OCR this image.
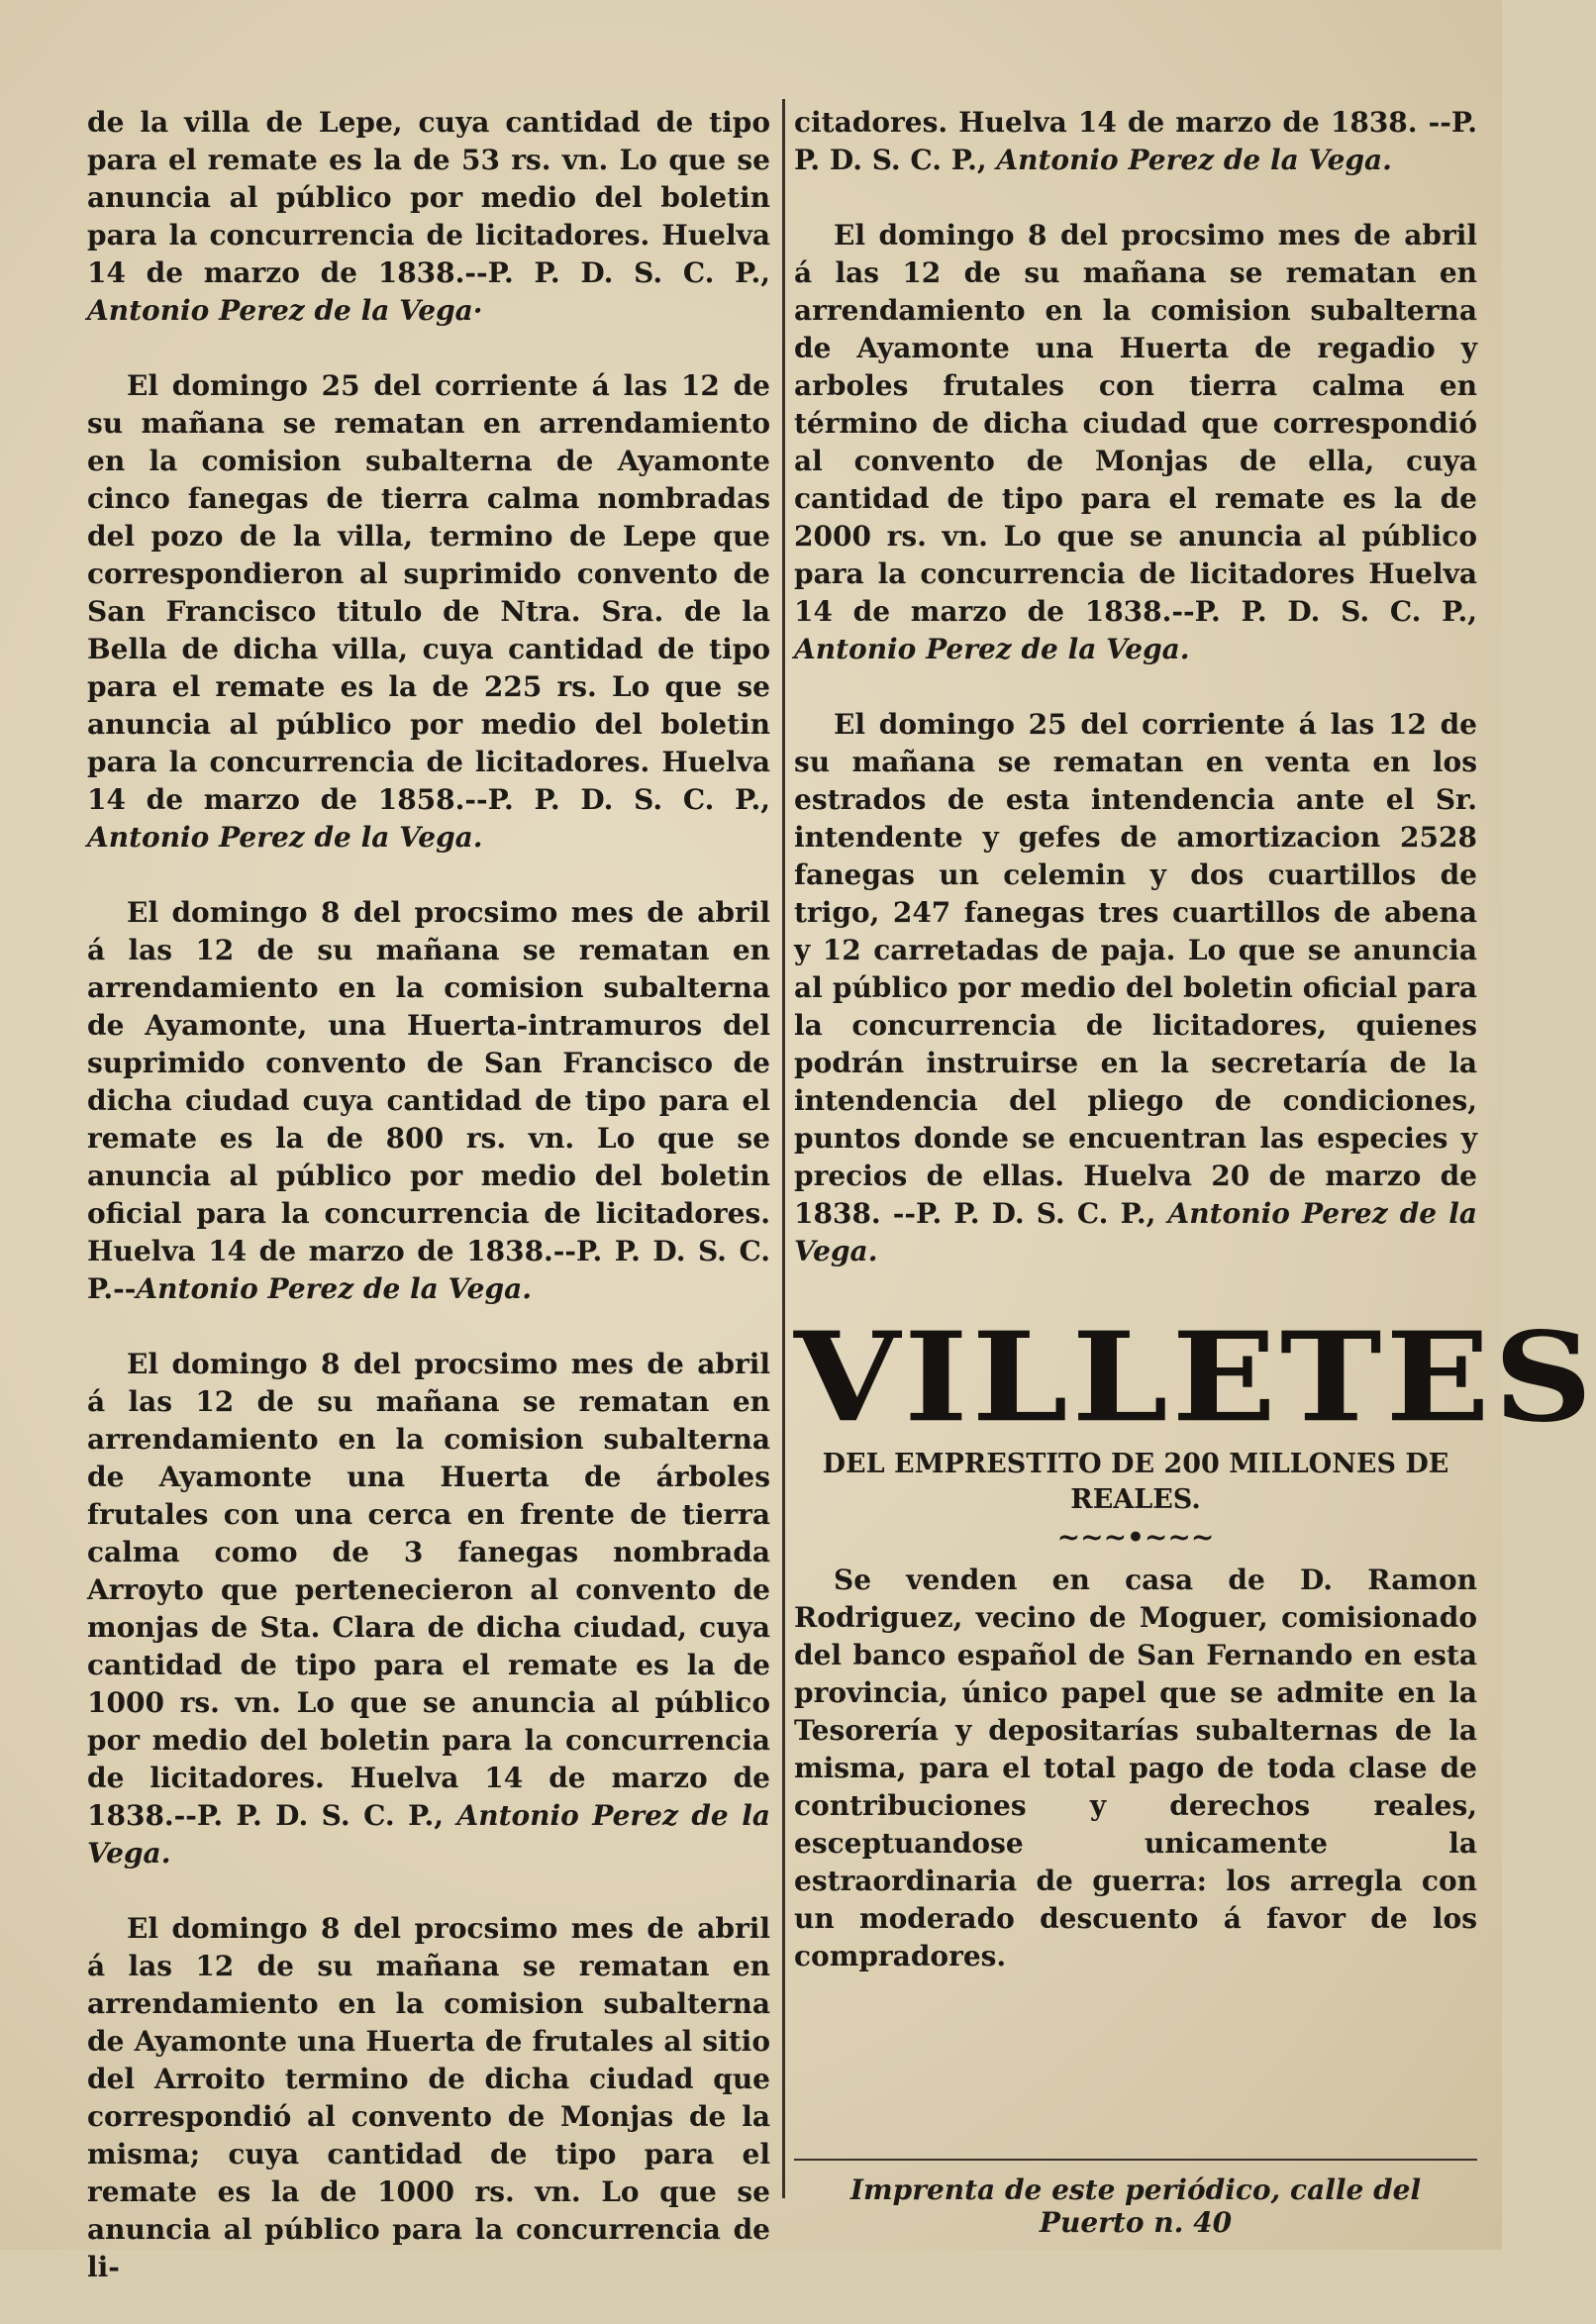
de la villa de Lepe, cuya cantidad de tipo para el remate es la de 53 rs. vn. Lo que se anuncia al público por medio del boletin para la concurrencia de licitadores. Huelva 14 de marzo de 1838.--P. P. D. S. C. P., Antonio Perez de la Vega·

El domingo 25 del corriente á las 12 de su mañana se rematan en arrendamiento en la comision subalterna de Ayamonte cinco fanegas de tierra calma nombradas del pozo de la villa, termino de Lepe que correspondieron al suprimido convento de San Francisco titulo de Ntra. Sra. de la Bella de dicha villa, cuya cantidad de tipo para el remate es la de 225 rs. Lo que se anuncia al público por medio del boletin para la concurrencia de licitadores. Huelva 14 de marzo de 1858.--P. P. D. S. C. P., Antonio Perez de la Vega.

El domingo 8 del procsimo mes de abril á las 12 de su mañana se rematan en arrendamiento en la comision subalterna de Ayamonte, una Huerta-intramuros del suprimido convento de San Francisco de dicha ciudad cuya cantidad de tipo para el remate es la de 800 rs. vn. Lo que se anuncia al público por medio del boletin oficial para la concurrencia de licitadores. Huelva 14 de marzo de 1838.--P. P. D. S. C. P.--Antonio Perez de la Vega.

El domingo 8 del procsimo mes de abril á las 12 de su mañana se rematan en arrendamiento en la comision subalterna de Ayamonte una Huerta de árboles frutales con una cerca en frente de tierra calma como de 3 fanegas nombrada Arroyto que pertenecieron al convento de monjas de Sta. Clara de dicha ciudad, cuya cantidad de tipo para el remate es la de 1000 rs. vn. Lo que se anuncia al público por medio del boletin para la concurrencia de licitadores. Huelva 14 de marzo de 1838.--P. P. D. S. C. P., Antonio Perez de la Vega.

El domingo 8 del procsimo mes de abril á las 12 de su mañana se rematan en arrendamiento en la comision subalterna de Ayamonte una Huerta de frutales al sitio del Arroito termino de dicha ciudad que correspondió al convento de Monjas de la misma; cuya cantidad de tipo para el remate es la de 1000 rs. vn. Lo que se anuncia al público para la concurrencia de li-

citadores. Huelva 14 de marzo de 1838. --P. P. D. S. C. P., Antonio Perez de la Vega.

El domingo 8 del procsimo mes de abril á las 12 de su mañana se rematan en arrendamiento en la comision subalterna de Ayamonte una Huerta de regadio y arboles frutales con tierra calma en término de dicha ciudad que correspondió al convento de Monjas de ella, cuya cantidad de tipo para el remate es la de 2000 rs. vn. Lo que se anuncia al público para la concurrencia de licitadores Huelva 14 de marzo de 1838.--P. P. D. S. C. P., Antonio Perez de la Vega.

El domingo 25 del corriente á las 12 de su mañana se rematan en venta en los estrados de esta intendencia ante el Sr. intendente y gefes de amortizacion 2528 fanegas un celemin y dos cuartillos de trigo, 247 fanegas tres cuartillos de abena y 12 carretadas de paja. Lo que se anuncia al público por medio del boletin oficial para la concurrencia de licitadores, quienes podrán instruirse en la secretaría de la intendencia del pliego de condiciones, puntos donde se encuentran las especies y precios de ellas. Huelva 20 de marzo de 1838. --P. P. D. S. C. P., Antonio Perez de la Vega.

VILLETES
DEL EMPRESTITO DE 200 MILLONES DE REALES.
~~~•~~~

Se venden en casa de D. Ramon Rodriguez, vecino de Moguer, comisionado del banco español de San Fernando en esta provincia, único papel que se admite en la Tesorería y depositarías subalternas de la misma, para el total pago de toda clase de contribuciones y derechos reales, esceptuandose unicamente la estraordinaria de guerra: los arregla con un moderado descuento á favor de los compradores.

Imprenta de este periódico, calle del Puerto n. 40
